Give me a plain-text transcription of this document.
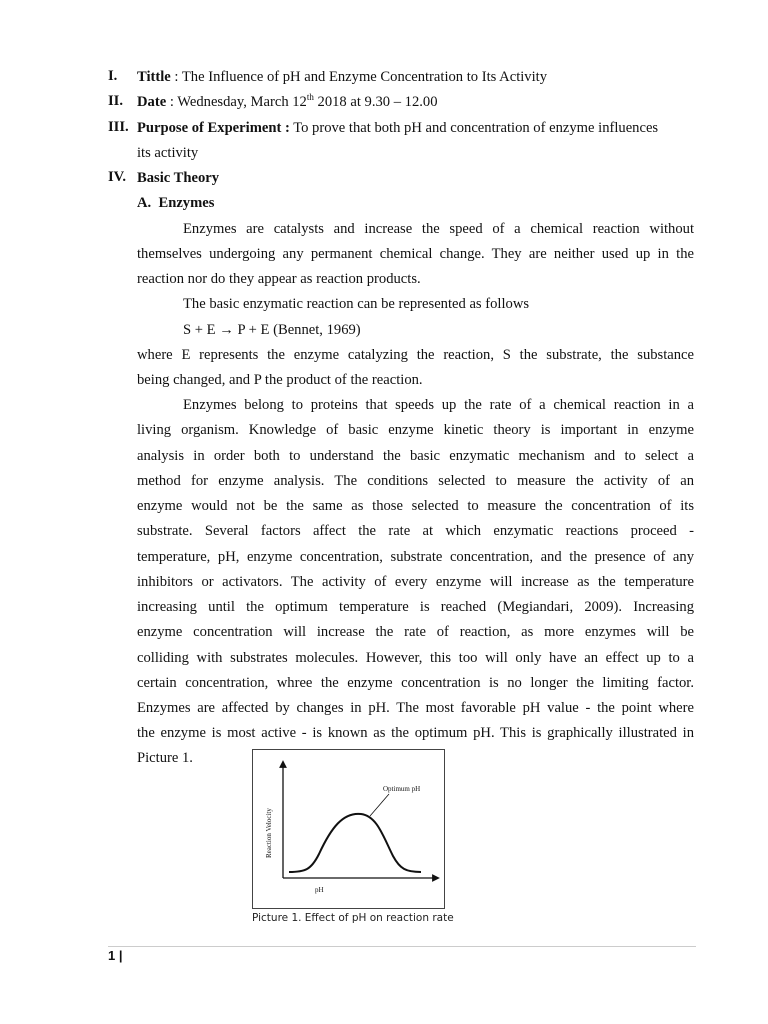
I. Tittle : The Influence of pH and Enzyme Concentration to Its Activity
II. Date : Wednesday, March 12th 2018 at 9.30 – 12.00
III. Purpose of Experiment : To prove that both pH and concentration of enzyme influences
its activity
IV. Basic Theory
A.  Enzymes
Enzymes are catalysts and increase the speed of a chemical reaction without
themselves undergoing any permanent chemical change. They are neither used up in the
reaction nor do they appear as reaction products.
The basic enzymatic reaction can be represented as follows
S + E → P + E (Bennet, 1969)
where E represents the enzyme catalyzing the reaction, S the substrate, the substance
being changed, and P the product of the reaction.
Enzymes belong to proteins that speeds up the rate of a chemical reaction in a
living organism. Knowledge of basic enzyme kinetic theory is important in enzyme
analysis in order both to understand the basic enzymatic mechanism and to select a
method for enzyme analysis. The conditions selected to measure the activity of an
enzyme would not be the same as those selected to measure the concentration of its
substrate. Several factors affect the rate at which enzymatic reactions proceed -
temperature, pH, enzyme concentration, substrate concentration, and the presence of any
inhibitors or activators. The activity of every enzyme will increase as the temperature
increasing until the optimum temperature is reached (Megiandari, 2009). Increasing
enzyme concentration will increase the rate of reaction, as more enzymes will be
colliding with substrates molecules. However, this too will only have an effect up to a
certain concentration, whree the enzyme concentration is no longer the limiting factor.
Enzymes are affected by changes in pH. The most favorable pH value - the point where
the enzyme is most active - is known as the optimum pH. This is graphically illustrated in
Picture 1.
Optimum pH
Reaction Velocity
pH
Picture 1. Effect of pH on reaction rate
1 |
